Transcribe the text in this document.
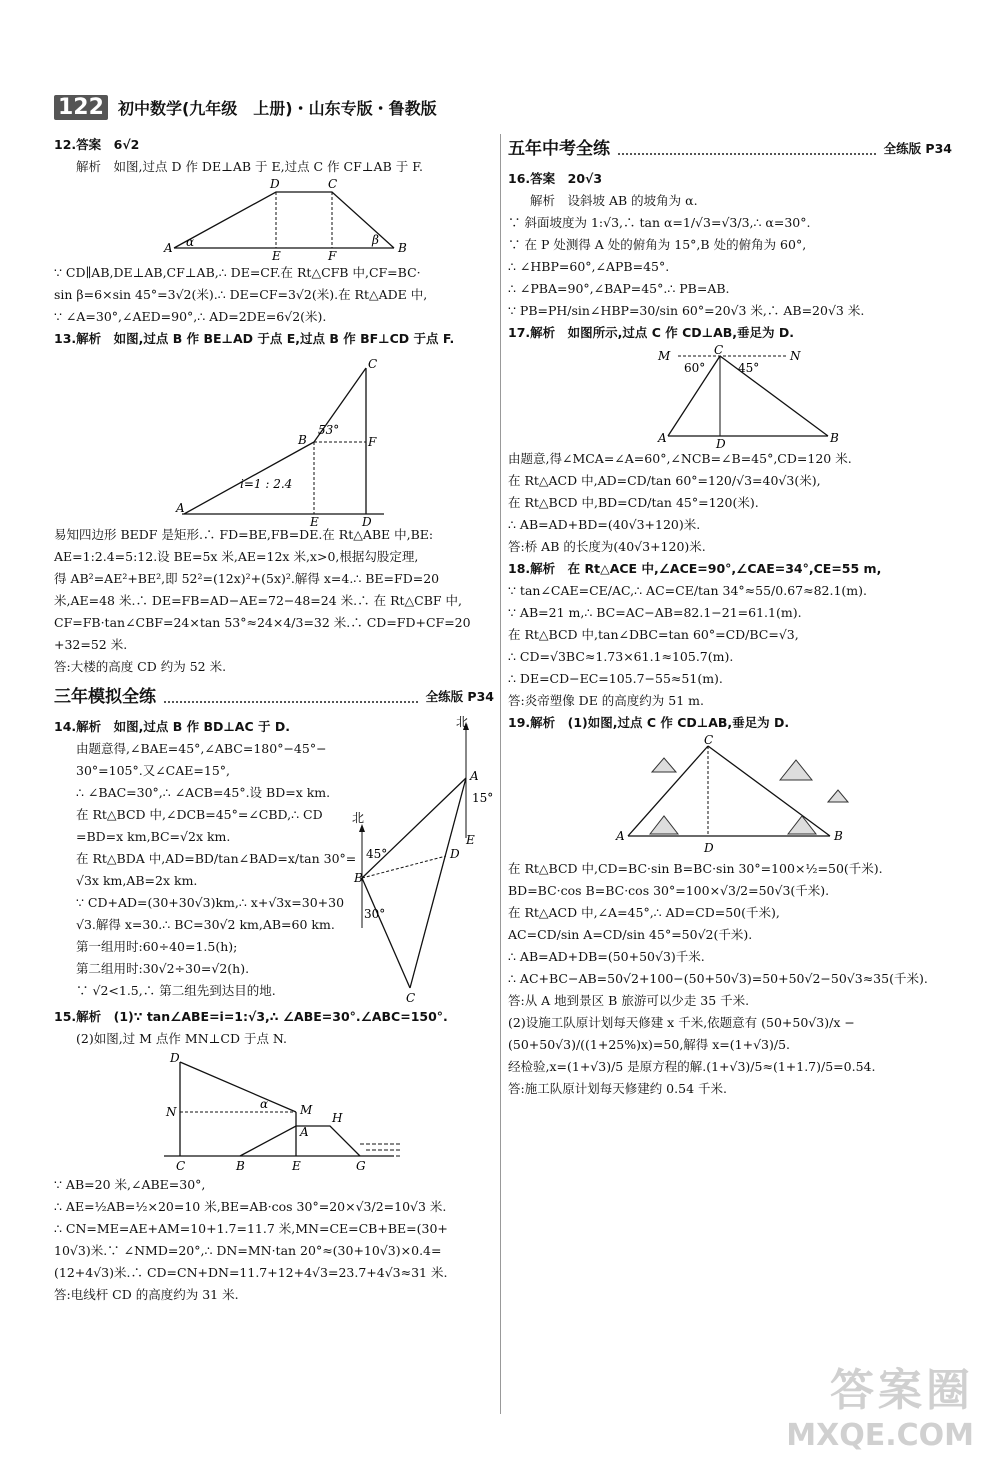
122 初中数学(九年级　上册)・山东专版・鲁教版
12.答案　6√2
解析　如图,过点 D 作 DE⊥AB 于 E,过点 C 作 CF⊥AB 于 F.
A	B
D	C
E	F
α	β
∵ CD∥AB,DE⊥AB,CF⊥AB,∴ DE=CF.在 Rt△CFB 中,CF=BC·
sin β=6×sin 45°=3√2(米).∴ DE=CF=3√2(米).在 Rt△ADE 中,
∵ ∠A=30°,∠AED=90°,∴ AD=2DE=6√2(米).
13.解析　如图,过点 B 作 BE⊥AD 于点 E,过点 B 作 BF⊥CD 于点 F.
C
B	F
A
E	D
53°
i=1 : 2.4
易知四边形 BEDF 是矩形.∴ FD=BE,FB=DE.在 Rt△ABE 中,BE:
AE=1:2.4=5:12.设 BE=5x 米,AE=12x 米,x>0,根据勾股定理,
得 AB²=AE²+BE²,即 52²=(12x)²+(5x)².解得 x=4.∴ BE=FD=20
米,AE=48 米.∴ DE=FB=AD−AE=72−48=24 米.∴ 在 Rt△CBF 中,
CF=FB·tan∠CBF=24×tan 53°≈24×4/3=32 米.∴ CD=FD+CF=20
+32=52 米.
答:大楼的高度 CD 约为 52 米.
三年模拟全练	全练版 P34
14.解析　如图,过点 B 作 BD⊥AC 于 D.
由题意得,∠BAE=45°,∠ABC=180°−45°−
30°=105°.又∠CAE=15°,
∴ ∠BAC=30°,∴ ∠ACB=45°.设 BD=x km.
在 Rt△BCD 中,∠DCB=45°=∠CBD,∴ CD
=BD=x km,BC=√2x km.
在 Rt△BDA 中,AD=BD/tan∠BAD=x/tan 30°=
√3x km,AB=2x km.
∵ CD+AD=(30+30√3)km,∴ x+√3x=30+30
√3.解得 x=30.∴ BC=30√2 km,AB=60 km.
第一组用时:60÷40=1.5(h);
第二组用时:30√2÷30=√2(h).
∵ √2<1.5,∴ 第二组先到达目的地.
北
北
A
B
D
C
E
15°
45°
30°
15.解析　(1)∵ tan∠ABE=i=1:√3,∴ ∠ABE=30°.∠ABC=150°.
(2)如图,过 M 点作 MN⊥CD 于点 N.
D
N	M
A
H
C	B	E	G
α
∵ AB=20 米,∠ABE=30°,
∴ AE=½AB=½×20=10 米,BE=AB·cos 30°=20×√3/2=10√3 米.
∴ CN=ME=AE+AM=10+1.7=11.7 米,MN=CE=CB+BE=(30+
10√3)米.∵ ∠NMD=20°,∴ DN=MN·tan 20°≈(30+10√3)×0.4=
(12+4√3)米.∴ CD=CN+DN=11.7+12+4√3=23.7+4√3≈31 米.
答:电线杆 CD 的高度约为 31 米.
五年中考全练	全练版 P34
16.答案　20√3
解析　设斜坡 AB 的坡角为 α.
∵ 斜面坡度为 1:√3,∴ tan α=1/√3=√3/3,∴ α=30°.
∵ 在 P 处测得 A 处的俯角为 15°,B 处的俯角为 60°,
∴ ∠HBP=60°,∠APB=45°.
∴ ∠PBA=90°,∠BAP=45°.∴ PB=AB.
∵ PB=PH/sin∠HBP=30/sin 60°=20√3 米,∴ AB=20√3 米.
17.解析　如图所示,过点 C 作 CD⊥AB,垂足为 D.
M	N
C
A	B
D
60°	45°
由题意,得∠MCA=∠A=60°,∠NCB=∠B=45°,CD=120 米.
在 Rt△ACD 中,AD=CD/tan 60°=120/√3=40√3(米),
在 Rt△BCD 中,BD=CD/tan 45°=120(米).
∴ AB=AD+BD=(40√3+120)米.
答:桥 AB 的长度为(40√3+120)米.
18.解析　在 Rt△ACE 中,∠ACE=90°,∠CAE=34°,CE=55 m,
∵ tan∠CAE=CE/AC,∴ AC=CE/tan 34°≈55/0.67≈82.1(m).
∵ AB=21 m,∴ BC=AC−AB=82.1−21=61.1(m).
在 Rt△BCD 中,tan∠DBC=tan 60°=CD/BC=√3,
∴ CD=√3BC≈1.73×61.1≈105.7(m).
∴ DE=CD−EC=105.7−55≈51(m).
答:炎帝塑像 DE 的高度约为 51 m.
19.解析　(1)如图,过点 C 作 CD⊥AB,垂足为 D.
C
A	B
D
在 Rt△BCD 中,CD=BC·sin B=BC·sin 30°=100×½=50(千米).
BD=BC·cos B=BC·cos 30°=100×√3/2=50√3(千米).
在 Rt△ACD 中,∠A=45°,∴ AD=CD=50(千米),
AC=CD/sin A=CD/sin 45°=50√2(千米).
∴ AB=AD+DB=(50+50√3)千米.
∴ AC+BC−AB=50√2+100−(50+50√3)=50+50√2−50√3≈35(千米).
答:从 A 地到景区 B 旅游可以少走 35 千米.
(2)设施工队原计划每天修建 x 千米,依题意有 (50+50√3)/x −
(50+50√3)/((1+25%)x)=50,解得 x=(1+√3)/5.
经检验,x=(1+√3)/5 是原方程的解.(1+√3)/5≈(1+1.7)/5=0.54.
答:施工队原计划每天修建约 0.54 千米.
答案圈
MXQE.COM
